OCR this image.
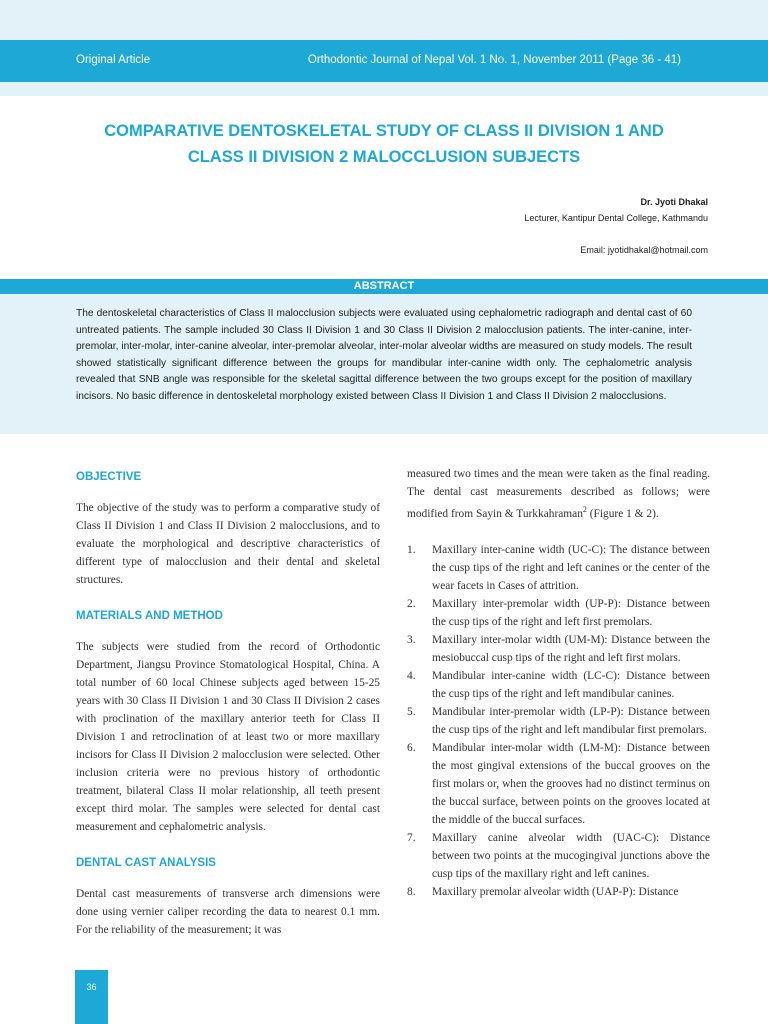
Original Article	Orthodontic Journal of Nepal Vol. 1 No. 1, November 2011 (Page 36 - 41)
COMPARATIVE DENTOSKELETAL STUDY OF CLASS II DIVISION 1 AND
CLASS II DIVISION 2 MALOCCLUSION SUBJECTS
Dr. Jyoti Dhakal
Lecturer, Kantipur Dental College, Kathmandu
Email: jyotidhakal@hotmail.com
ABSTRACT
The dentoskeletal characteristics of Class II malocclusion subjects were evaluated using cephalometric radiograph and dental cast of 60 untreated patients. The sample included 30 Class II Division 1 and 30 Class II Division 2 malocclusion patients. The inter-canine, inter-premolar, inter-molar, inter-canine alveolar, inter-premolar alveolar, inter-molar alveolar widths are measured on study models. The result showed statistically significant difference between the groups for mandibular inter-canine width only. The cephalometric analysis revealed that SNB angle was responsible for the skeletal sagittal difference between the two groups except for the position of maxillary incisors. No basic difference in dentoskeletal morphology existed between Class II Division 1 and Class II Division 2 malocclusions.
OBJECTIVE

The objective of the study was to perform a comparative study of Class II Division 1 and Class II Division 2 malocclusions, and to evaluate the morphological and descriptive characteristics of different type of malocclusion and their dental and skeletal structures.

MATERIALS AND METHOD

The subjects were studied from the record of Orthodontic Department, Jiangsu Province Stomatological Hospital, China. A total number of 60 local Chinese subjects aged between 15-25 years with 30 Class II Division 1 and 30 Class II Division 2 cases with proclination of the maxillary anterior teeth for Class II Division 1 and retroclination of at least two or more maxillary incisors for Class II Division 2 malocclusion were selected. Other inclusion criteria were no previous history of orthodontic treatment, bilateral Class II molar relationship, all teeth present except third molar. The samples were selected for dental cast measurement and cephalometric analysis.

DENTAL CAST ANALYSIS

Dental cast measurements of transverse arch dimensions were done using vernier caliper recording the data to nearest 0.1 mm. For the reliability of the measurement; it was

measured two times and the mean were taken as the final reading. The dental cast measurements described as follows; were modified from Sayin & Turkkahraman$^2$ (Figure 1 & 2).

1.	Maxillary inter-canine width (UC-C): The distance between the cusp tips of the right and left canines or the center of the wear facets in Cases of attrition.
2.	Maxillary inter-premolar width (UP-P): Distance between the cusp tips of the right and left first premolars.
3.	Maxillary inter-molar width (UM-M): Distance between the mesiobuccal cusp tips of the right and left first molars.
4.	Mandibular inter-canine width (LC-C): Distance between the cusp tips of the right and left mandibular canines.
5.	Mandibular inter-premolar width (LP-P): Distance between the cusp tips of the right and left mandibular first premolars.
6.	Mandibular inter-molar width (LM-M): Distance between the most gingival extensions of the buccal grooves on the first molars or, when the grooves had no distinct terminus on the buccal surface, between points on the grooves located at the middle of the buccal surfaces.
7.	Maxillary canine alveolar width (UAC-C): Distance between two points at the mucogingival junctions above the cusp tips of the maxillary right and left canines.
8.	Maxillary premolar alveolar width (UAP-P): Distance
36
